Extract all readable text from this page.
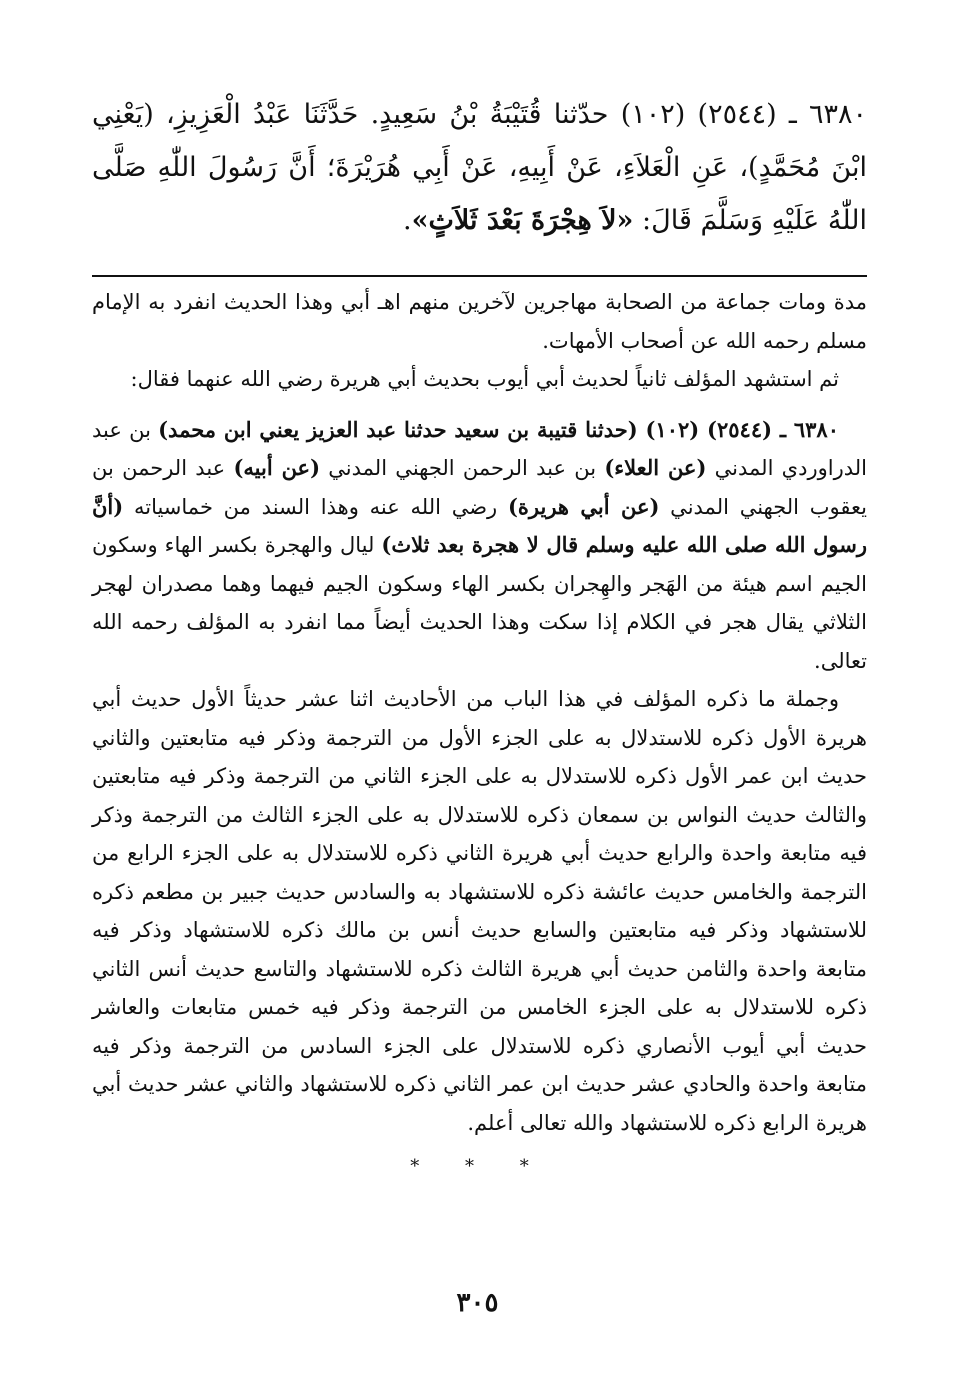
٦٣٨٠ ـ (٢٥٤٤) (١٠٢) حدّثنا قُتَيْبَةُ بْنُ سَعِيدٍ. حَدَّثَنَا عَبْدُ الْعَزِيزِ، (يَعْنِي ابْنَ مُحَمَّدٍ)، عَنِ الْعَلاَءِ، عَنْ أَبِيهِ، عَنْ أَبِي هُرَيْرَةَ؛ أَنَّ رَسُولَ اللّٰهِ صَلَّى اللّٰهُ عَلَيْهِ وَسَلَّمَ قَالَ: «لاَ هِجْرَةَ بَعْدَ ثَلاَثٍ».

مدة ومات جماعة من الصحابة مهاجرين لآخرين منهم اهـ أبي وهذا الحديث انفرد به الإمام مسلم رحمه الله عن أصحاب الأمهات.

ثم استشهد المؤلف ثانياً لحديث أبي أيوب بحديث أبي هريرة رضي الله عنهما فقال:

٦٣٨٠ ـ (٢٥٤٤) (١٠٢) (حدثنا قتيبة بن سعيد حدثنا عبد العزيز يعني ابن محمد) بن عبد الدراوردي المدني (عن العلاء) بن عبد الرحمن الجهني المدني (عن أبيه) عبد الرحمن بن يعقوب الجهني المدني (عن أبي هريرة) رضي الله عنه وهذا السند من خماسياته (أنَّ رسول الله صلى الله عليه وسلم قال لا هجرة بعد ثلاث) ليال والهجرة بكسر الهاء وسكون الجيم اسم هيئة من الهَجر والهِجران بكسر الهاء وسكون الجيم فيهما وهما مصدران لهجر الثلاثي يقال هجر في الكلام إذا سكت وهذا الحديث أيضاً مما انفرد به المؤلف رحمه الله تعالى.

وجملة ما ذكره المؤلف في هذا الباب من الأحاديث اثنا عشر حديثاً الأول حديث أبي هريرة الأول ذكره للاستدلال به على الجزء الأول من الترجمة وذكر فيه متابعتين والثاني حديث ابن عمر الأول ذكره للاستدلال به على الجزء الثاني من الترجمة وذكر فيه متابعتين والثالث حديث النواس بن سمعان ذكره للاستدلال به على الجزء الثالث من الترجمة وذكر فيه متابعة واحدة والرابع حديث أبي هريرة الثاني ذكره للاستدلال به على الجزء الرابع من الترجمة والخامس حديث عائشة ذكره للاستشهاد به والسادس حديث جبير بن مطعم ذكره للاستشهاد وذكر فيه متابعتين والسابع حديث أنس بن مالك ذكره للاستشهاد وذكر فيه متابعة واحدة والثامن حديث أبي هريرة الثالث ذكره للاستشهاد والتاسع حديث أنس الثاني ذكره للاستدلال به على الجزء الخامس من الترجمة وذكر فيه خمس متابعات والعاشر حديث أبي أيوب الأنصاري ذكره للاستدلال على الجزء السادس من الترجمة وذكر فيه متابعة واحدة والحادي عشر حديث ابن عمر الثاني ذكره للاستشهاد والثاني عشر حديث أبي هريرة الرابع ذكره للاستشهاد والله تعالى أعلم.

* * *
٣٠٥
